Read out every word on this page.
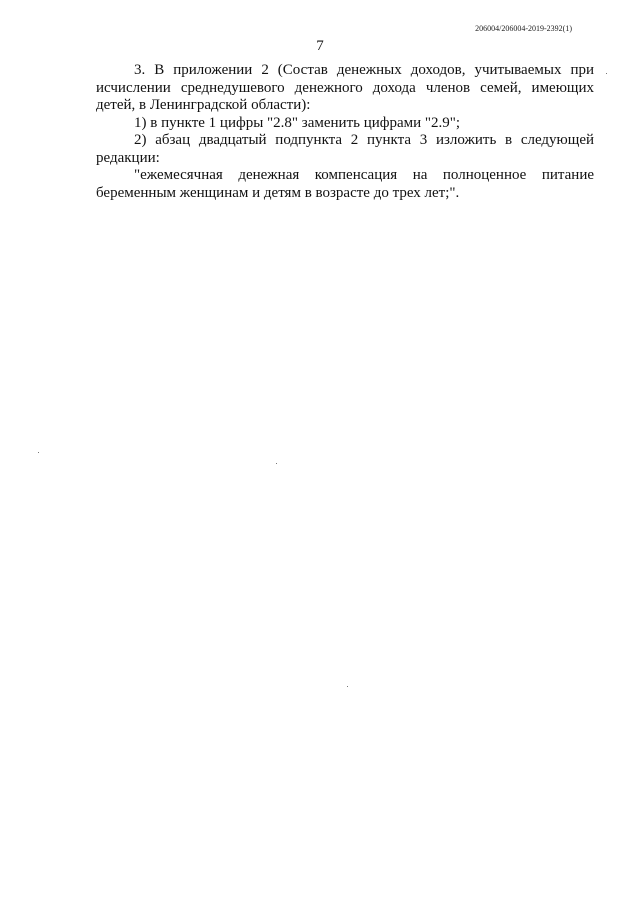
206004/206004-2019-2392(1)
7

3. В приложении 2 (Состав денежных доходов, учитываемых при исчислении среднедушевого денежного дохода членов семей, имеющих детей, в Ленинградской области):

1) в пункте 1 цифры "2.8" заменить цифрами "2.9";

2) абзац двадцатый подпункта 2 пункта 3 изложить в следующей редакции:

"ежемесячная денежная компенсация на полноценное питание беременным женщинам и детям в возрасте до трех лет;".
